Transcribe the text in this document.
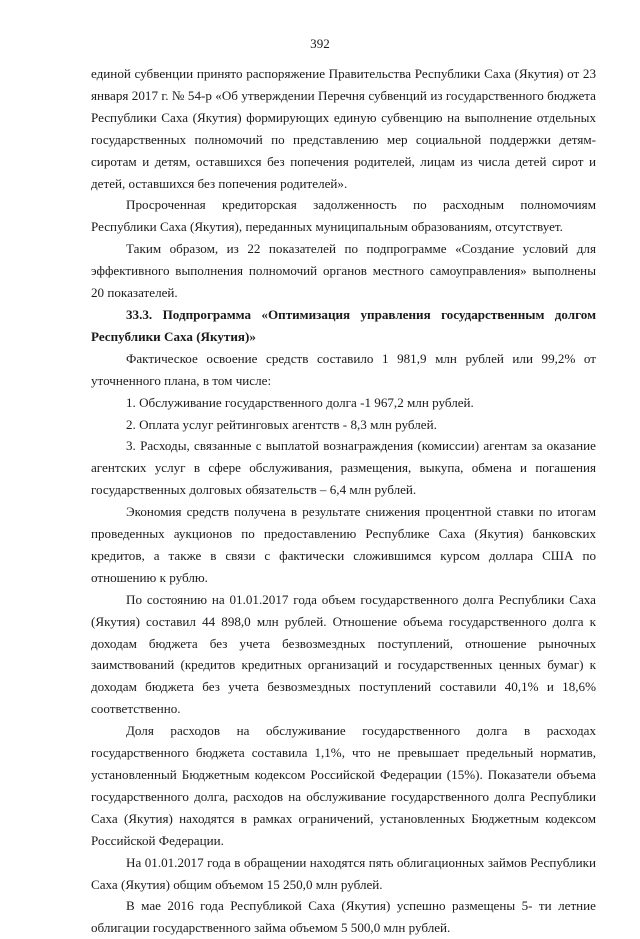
392

единой субвенции принято распоряжение Правительства Республики Саха (Якутия) от 23 января 2017 г. № 54-р «Об утверждении Перечня субвенций из государственного бюджета Республики Саха (Якутия) формирующих единую субвенцию на выполнение отдельных государственных полномочий по представлению мер социальной поддержки детям-сиротам и детям, оставшихся без попечения родителей, лицам из числа детей сирот и детей, оставшихся без попечения родителей».

Просроченная кредиторская задолженность по расходным полномочиям Республики Саха (Якутия), переданных муниципальным образованиям, отсутствует.

Таким образом, из 22 показателей по подпрограмме «Создание условий для эффективного выполнения полномочий органов местного самоуправления» выполнены 20 показателей.

33.3. Подпрограмма «Оптимизация управления государственным долгом Республики Саха (Якутия)»

Фактическое освоение средств составило 1 981,9 млн рублей или 99,2% от уточненного плана, в том числе:

1. Обслуживание государственного долга -1 967,2 млн рублей.

2. Оплата услуг рейтинговых агентств - 8,3 млн рублей.

3. Расходы, связанные с выплатой вознаграждения (комиссии) агентам за оказание агентских услуг в сфере обслуживания, размещения, выкупа, обмена и погашения государственных долговых обязательств – 6,4 млн рублей.

Экономия средств получена в результате снижения процентной ставки по итогам проведенных аукционов по предоставлению Республике Саха (Якутия) банковских кредитов, а также в связи с фактически сложившимся курсом доллара США по отношению к рублю.

По состоянию на 01.01.2017 года объем государственного долга Республики Саха (Якутия) составил 44 898,0 млн рублей. Отношение объема государственного долга к доходам бюджета без учета безвозмездных поступлений, отношение рыночных заимствований (кредитов кредитных организаций и государственных ценных бумаг) к доходам бюджета без учета безвозмездных поступлений составили 40,1% и 18,6% соответственно.

Доля расходов на обслуживание государственного долга в расходах государственного бюджета составила 1,1%, что не превышает предельный норматив, установленный Бюджетным кодексом Российской Федерации (15%). Показатели объема государственного долга, расходов на обслуживание государственного долга Республики Саха (Якутия) находятся в рамках ограничений, установленных Бюджетным кодексом Российской Федерации.

На 01.01.2017 года в обращении находятся пять облигационных займов Республики Саха (Якутия) общим объемом 15 250,0 млн рублей.

В мае 2016 года Республикой Саха (Якутия) успешно размещены 5- ти летние облигации государственного займа объемом 5 500,0 млн рублей.
